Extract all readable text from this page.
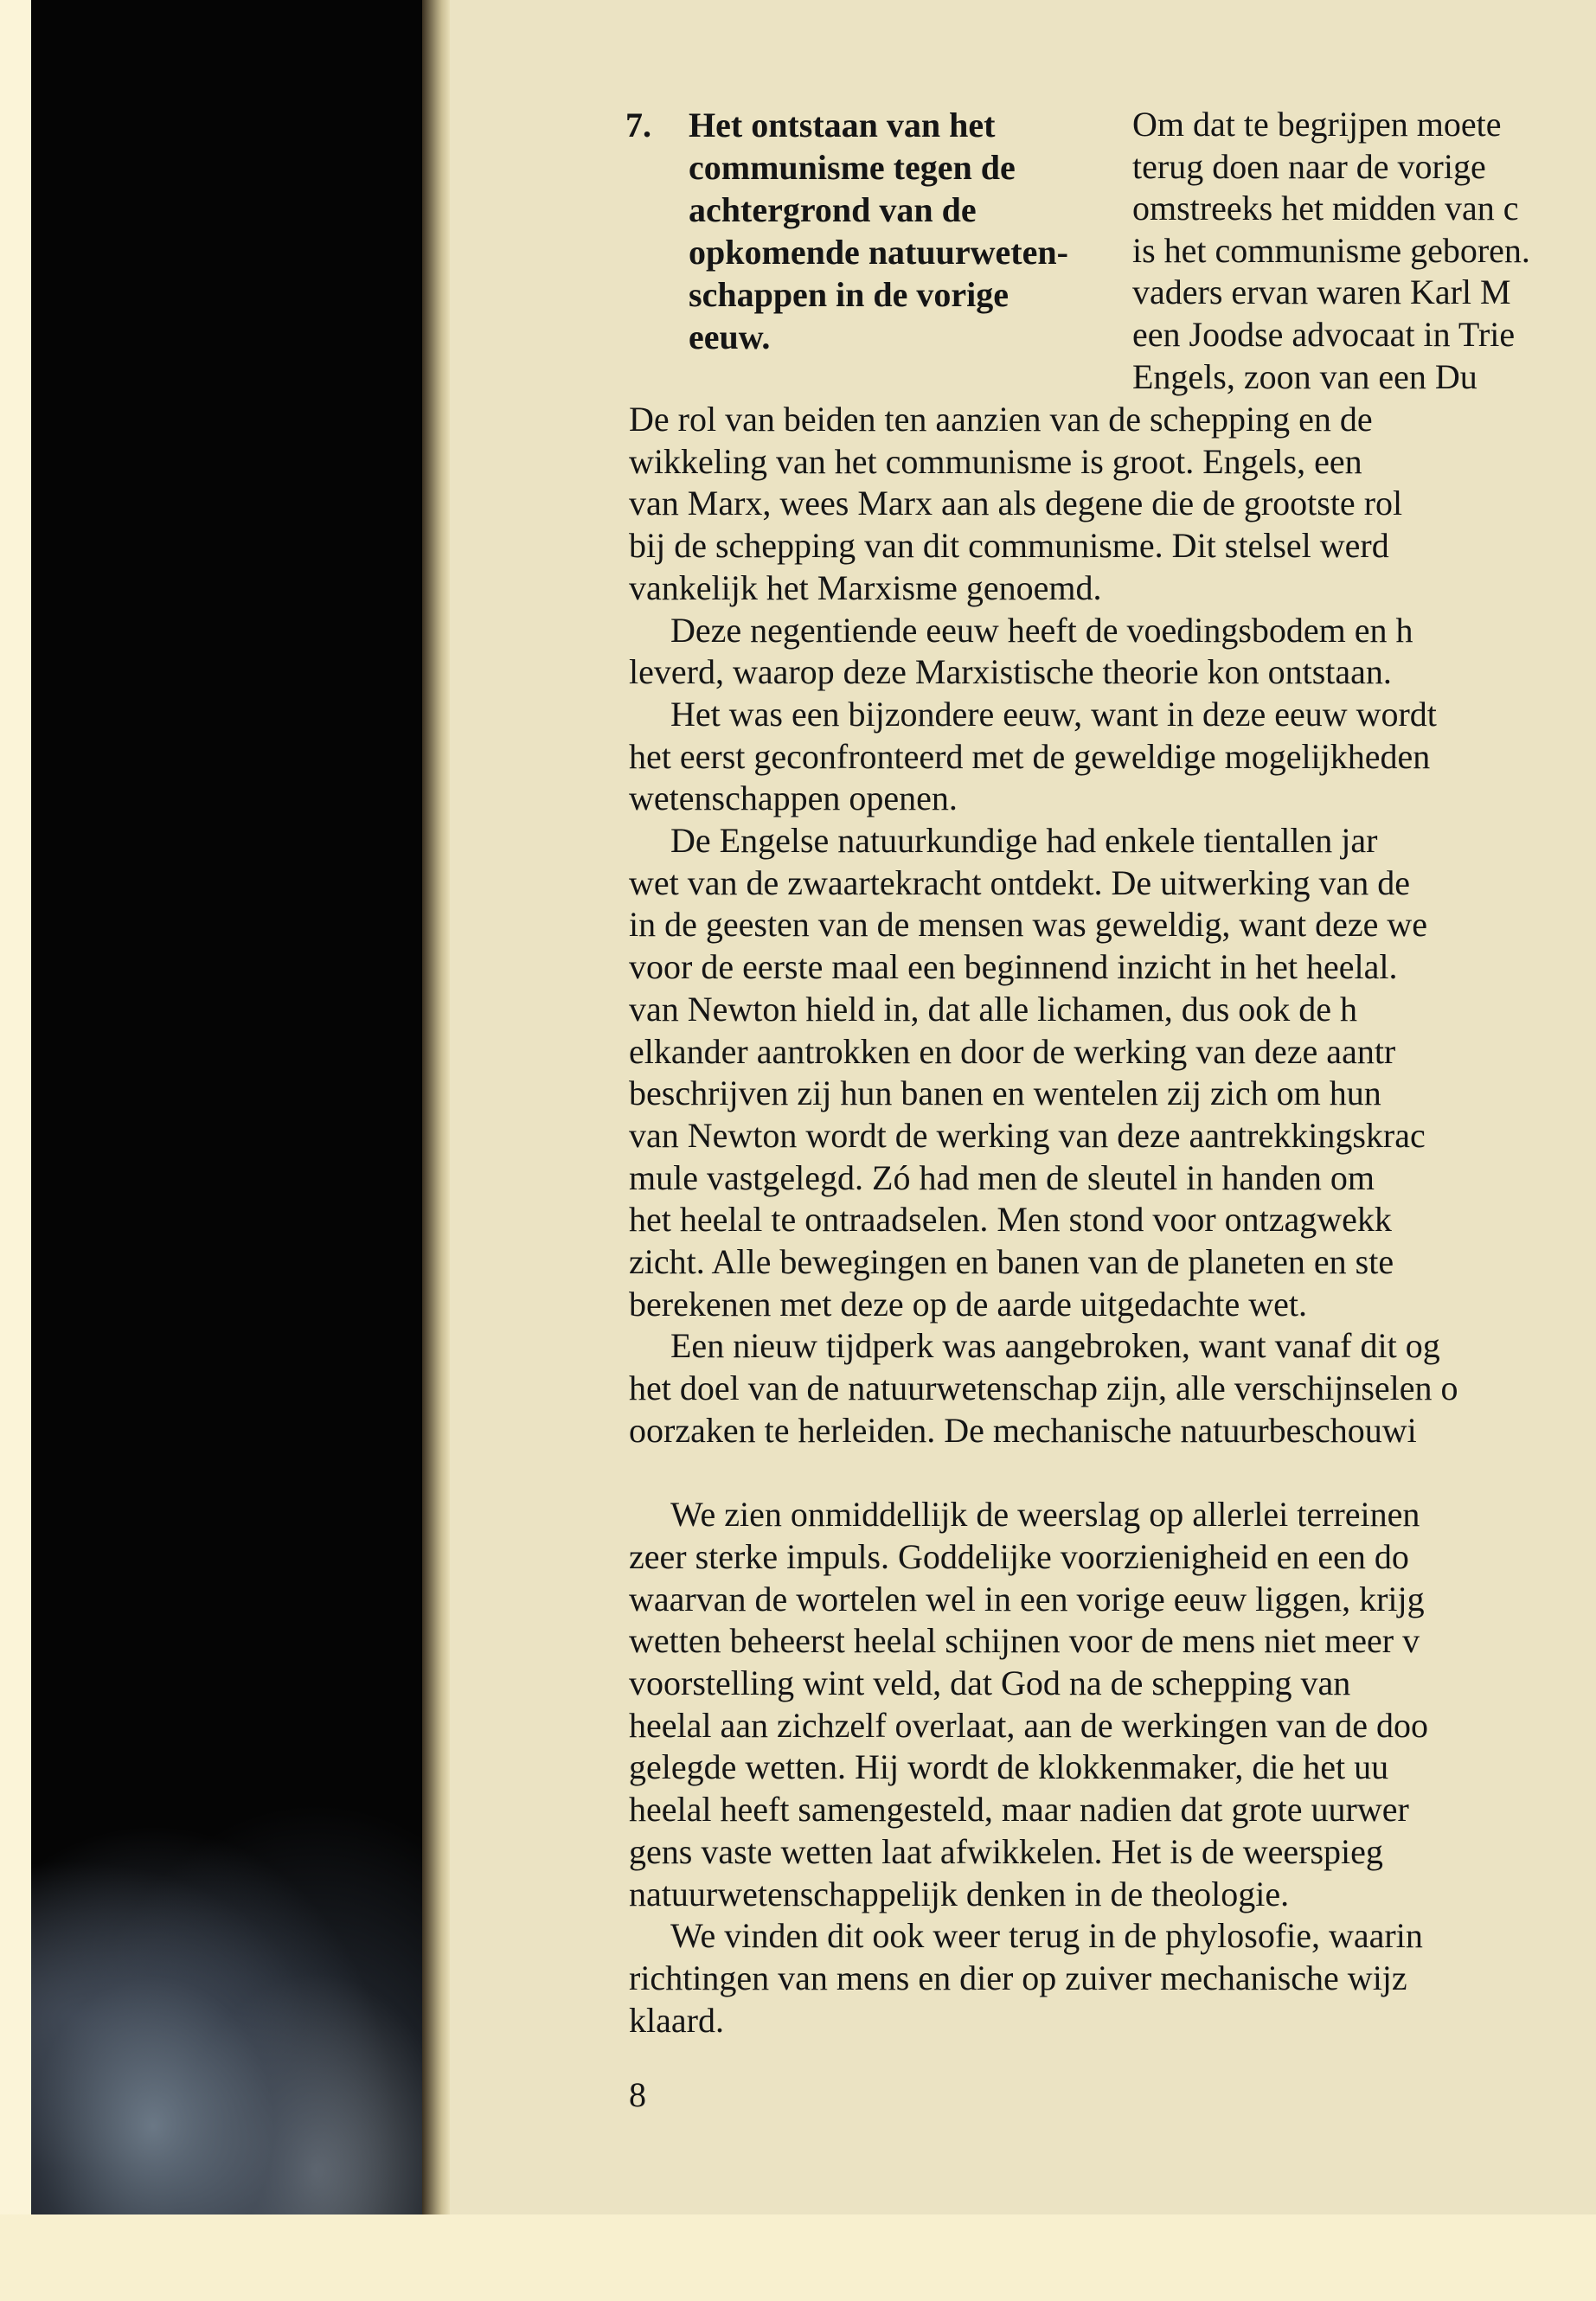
7. Het ontstaan van het
communisme tegen de
achtergrond van de
opkomende natuurweten-
schappen in de vorige
eeuw.
Om dat te begrijpen moete
terug doen naar de vorige
omstreeks het midden van c
is het communisme geboren.
vaders ervan waren Karl M
een Joodse advocaat in Trie
Engels, zoon van een Du
De rol van beiden ten aanzien van de schepping en de
wikkeling van het communisme is groot. Engels, een
van Marx, wees Marx aan als degene die de grootste rol
bij de schepping van dit communisme. Dit stelsel werd
vankelijk het Marxisme genoemd.
Deze negentiende eeuw heeft de voedingsbodem en h
leverd, waarop deze Marxistische theorie kon ontstaan.
Het was een bijzondere eeuw, want in deze eeuw wordt
het eerst geconfronteerd met de geweldige mogelijkheden
wetenschappen openen.
De Engelse natuurkundige had enkele tientallen jar
wet van de zwaartekracht ontdekt. De uitwerking van de
in de geesten van de mensen was geweldig, want deze we
voor de eerste maal een beginnend inzicht in het heelal.
van Newton hield in, dat alle lichamen, dus ook de h
elkander aantrokken en door de werking van deze aantr
beschrijven zij hun banen en wentelen zij zich om hun
van Newton wordt de werking van deze aantrekkingskrac
mule vastgelegd. Zó had men de sleutel in handen om
het heelal te ontraadselen. Men stond voor ontzagwekk
zicht. Alle bewegingen en banen van de planeten en ste
berekenen met deze op de aarde uitgedachte wet.
Een nieuw tijdperk was aangebroken, want vanaf dit og
het doel van de natuurwetenschap zijn, alle verschijnselen o
oorzaken te herleiden. De mechanische natuurbeschouwi
We zien onmiddellijk de weerslag op allerlei terreinen
zeer sterke impuls. Goddelijke voorzienigheid en een do
waarvan de wortelen wel in een vorige eeuw liggen, krijg
wetten beheerst heelal schijnen voor de mens niet meer v
voorstelling wint veld, dat God na de schepping van
heelal aan zichzelf overlaat, aan de werkingen van de doo
gelegde wetten. Hij wordt de klokkenmaker, die het uu
heelal heeft samengesteld, maar nadien dat grote uurwer
gens vaste wetten laat afwikkelen. Het is de weerspieg
natuurwetenschappelijk denken in de theologie.
We vinden dit ook weer terug in de phylosofie, waarin
richtingen van mens en dier op zuiver mechanische wijz
klaard.
8
